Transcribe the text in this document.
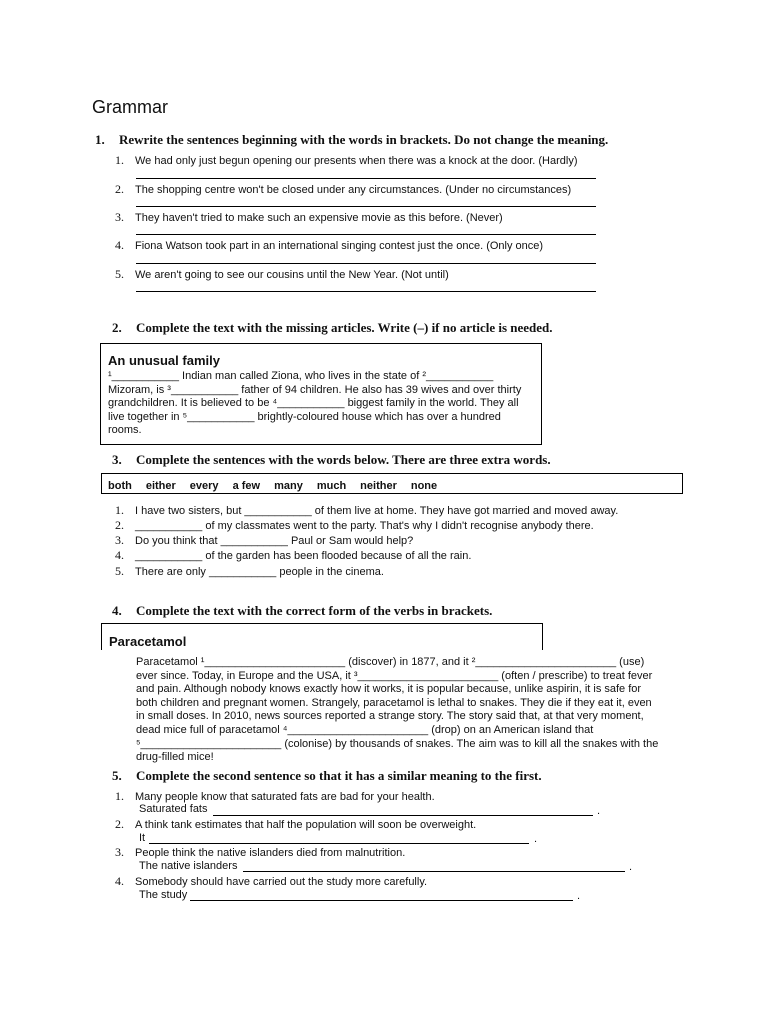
Grammar
1. Rewrite the sentences beginning with the words in brackets. Do not change the meaning.
1. We had only just begun opening our presents when there was a knock at the door. (Hardly)
2. The shopping centre won't be closed under any circumstances. (Under no circumstances)
3. They haven't tried to make such an expensive movie as this before. (Never)
4. Fiona Watson took part in an international singing contest just the once. (Only once)
5. We aren't going to see our cousins until the New Year. (Not until)
2. Complete the text with the missing articles. Write (–) if no article is needed.
An unusual family
¹___________ Indian man called Ziona, who lives in the state of ²___________
Mizoram, is ³___________ father of 94 children. He also has 39 wives and over thirty
grandchildren. It is believed to be ⁴___________ biggest family in the world. They all
live together in ⁵___________ brightly-coloured house which has over a hundred
rooms.
3. Complete the sentences with the words below. There are three extra words.
both either every a few many much neither none
1. I have two sisters, but ___________ of them live at home. They have got married and moved away.
2. ___________ of my classmates went to the party. That's why I didn't recognise anybody there.
3. Do you think that ___________ Paul or Sam would help?
4. ___________ of the garden has been flooded because of all the rain.
5. There are only ___________ people in the cinema.
4. Complete the text with the correct form of the verbs in brackets.
Paracetamol
Paracetamol ¹_______________________ (discover) in 1877, and it ²_______________________ (use)
ever since. Today, in Europe and the USA, it ³_______________________ (often / prescribe) to treat fever
and pain. Although nobody knows exactly how it works, it is popular because, unlike aspirin, it is safe for
both children and pregnant women. Strangely, paracetamol is lethal to snakes. They die if they eat it, even
in small doses. In 2010, news sources reported a strange story. The story said that, at that very moment,
dead mice full of paracetamol ⁴_______________________ (drop) on an American island that
⁵_______________________ (colonise) by thousands of snakes. The aim was to kill all the snakes with the
drug-filled mice!
5. Complete the second sentence so that it has a similar meaning to the first.
1. Many people know that saturated fats are bad for your health.
Saturated fats	.
2. A think tank estimates that half the population will soon be overweight.
It	.
3. People think the native islanders died from malnutrition.
The native islanders	.
4. Somebody should have carried out the study more carefully.
The study	.
